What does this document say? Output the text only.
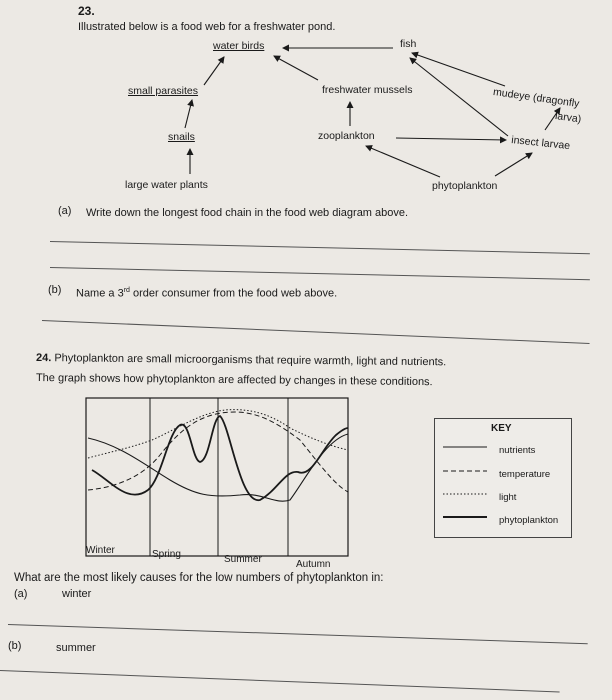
23.
Illustrated below is a food web for a freshwater pond.
water birds	fish
small parasites	freshwater mussels	mudeye (dragonfly
larva)
snails	zooplankton	insect larvae
large water plants	phytoplankton
(a) Write down the longest food chain in the food web diagram above.
(b) Name a 3rd order consumer from the food web above.
24. Phytoplankton are small microorganisms that require warmth, light and nutrients.
The graph shows how phytoplankton are affected by changes in these conditions.
Winter	Spring	Summer	Autumn
KEY
nutrients
temperature
light
phytoplankton
What are the most likely causes for the low numbers of phytoplankton in:
(a)	winter
(b)	summer
